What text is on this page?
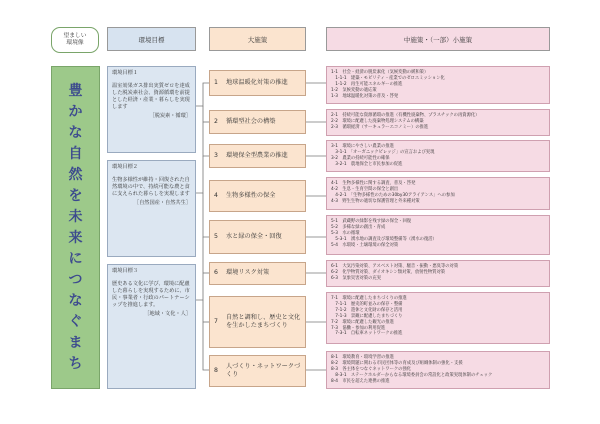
望ましい
環境像	環境目標	大施策	中施策・（一部）小施策
豊
か
な
自
然
を
未
来
に
つ
な
ぐ
ま
ち
環境目標１
温室効果ガス排出実質ゼロを達成した脱炭素社会、資源循環を前提とした経済・産業・暮らしを実現します
［脱炭素・循環］
環境目標２
生物多様性が維持・回復された自然環境の中で、持続可能な農と食に支えられた暮らしを実現します
［自然国産・自然共生］
環境目標３
歴史ある文化に学び、環境に配慮した暮らしを実現するために、市民・事業者・行政のパートナーシップを推進します。
［地域・文化・人］
1	地球温暖化対策の推進
2	循環型社会の構築
3	環境保全型農業の推進
4	生物多様性の保全
5	水と緑の保全・回復
6	環境リスク対策
7
自然と調和し、歴史と文化を生かしたまちづくり
8
人づくり・ネットワークづくり
1-1　社会・経済の脱炭素化（気候変動の緩和策）
　1-1-1　建築・モビリティ・産業でのゼロエミッション化
　1-1-2　再生可能エネルギーの推進
1-2　気候変動の適応策
1-3　地球温暖化対策の普及・啓発
2-1　持続可能な資源循環の推進（有機性廃棄物、プラスチックの再資源化）
2-2　環境に配慮した廃棄物処理システムの構築
2-3　循環経済（サーキュラーエコノミー）の推進
3-1　環境にやさしい農業の推進
　3-1-1　「オーガニックビレッジ」の宣言および実現
3-2　農業の持続可能性の確保
　3-2-1　農地保全と市民参加の促進
4-1　生物多様性に関する調査、普及・啓発
4-2　生息・生育空間の保全と創出
　4-2-1　「生物多様性のための30by30アライアンス」への参加
4-3　野生生物の適切な保護管理と外来種対策
5-1　武蔵野の緑影を残す緑の保全・回復
5-2　多様な緑の創出・育成
5-3　水の循環
　5-3-1　湧水地の調査及び環境整備等（湧水の復活）
5-4　水環境・土壌環境の保全対策
6-1　大気汚染対策、アスベスト対策、騒音・振動・悪臭等の対策
6-2　化学物質対策、ダイオキシン類対策、放射性物質対策
6-3　気象災害対策の充実
7-1　環境に配慮したまちづくりの推進
　7-1-1　歴史的町並みの保存・整備
　7-1-2　遊休と文化財の保存と活用
　7-1-3　景観に配慮したまちづくり
7-2　環境に配慮した観光の推進
7-3　協働・参加の利用促進
　7-3-1　自転車ネットワークの推進
8-1　環境教育・環境学習の推進
8-2　環境問題に関わる市民団体等の育成及び組織体制の強化・支援
8-3　各主体をつなぐネットワークの強化
　8-3-1　ステークホルダーからなる環境委員会の常設化と政策実現体制のチェック
8-4　市民を超えた連携の推進
